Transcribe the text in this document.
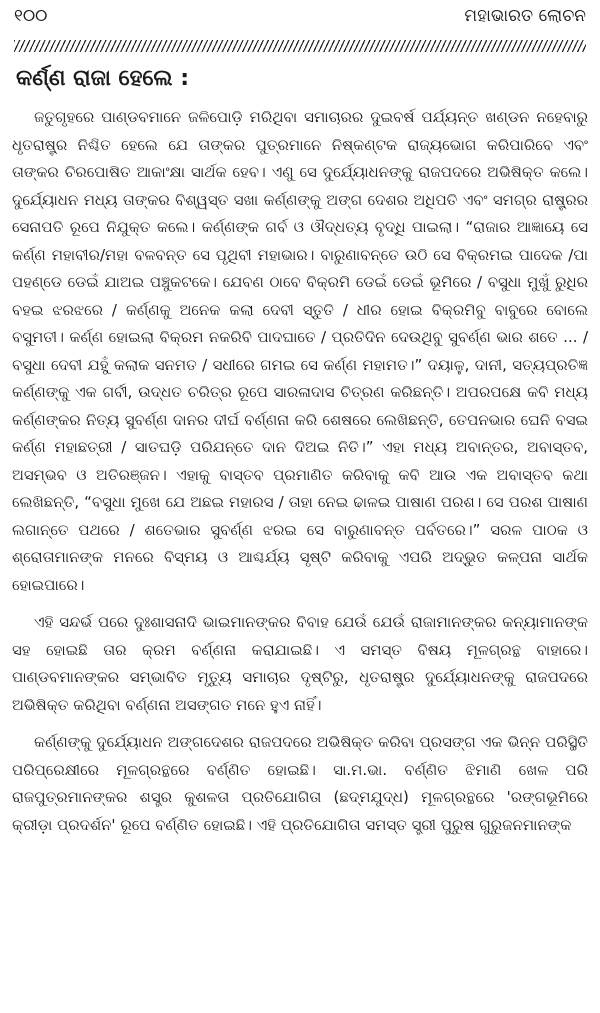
୧୦୦	ମହାଭାରତ ଲୋଚନ
କର୍ଣ୍ଣ ରାଜା ହେଲେ :

ଜତୁଗୃହରେ ପାଣ୍ଡବମାନେ ଜଳିପୋଡ଼ି ମରିଥିବା ସମାଚାରର ଦୁଇବର୍ଷ ପର୍ଯ୍ୟନ୍ତ ଖଣ୍ଡନ ନହେବାରୁ ଧୃତରାଷ୍ଟ୍ର ନିଶ୍ଚିତ ହେଲେ ଯେ ତାଙ୍କର ପୁତ୍ରମାନେ ନିଷ୍କଣ୍ଟକ ରାଜ୍ୟଭୋଗ କରିପାରିବେ ଏବଂ ତାଙ୍କର ଚିରପୋଷିତ ଆକାଂକ୍ଷା ସାର୍ଥକ ହେବ। ଏଣୁ ସେ ଦୁର୍ଯ୍ୟୋଧନଙ୍କୁ ରାଜପଦରେ ଅଭିଷିକ୍ତ କଲେ। ଦୁର୍ଯ୍ୟୋଧନ ମଧ୍ୟ ତାଙ୍କର ବିଶ୍ୱସ୍ତ ସଖା କର୍ଣ୍ଣଙ୍କୁ ଅଙ୍ଗ ଦେଶର ଅଧିପତି ଏବଂ ସମଗ୍ର ରାଷ୍ଟ୍ରର ସେନାପତି ରୂପେ ନିଯୁକ୍ତ କଲେ। କର୍ଣ୍ଣଙ୍କ ଗର୍ବ ଓ ଔଦ୍ଧତ୍ୟ ବୃଦ୍ଧି ପାଇଲା। “ରାଜାର ଆଜ୍ଞାୟେ ସେ କର୍ଣ୍ଣ ମହାବୀର/ମହା ବଳବନ୍ତ ସେ ପୃଥିବୀ ମହାଭାର। ବାରୁଣାବନ୍ତେ ଉଠି ସେ ବିକ୍ରମଇ ପାଦେକ /ପା ପହଣ୍ଡେ ଡେଇଁ ଯାଅଇ ପଞ୍ଚୁକଟକେ। ଯେବଣ ଠାବେ ବିକ୍ରମି ଡେଇଁ ଡେଇଁ ଭୂମିରେ / ବସୁଧା ମୁଖୁଁ ରୁଧିର ବହଇ ଝରଝରେ / କର୍ଣ୍ଣକୁ ଅନେକ କଲା ଦେବୀ ସ୍ତୁତି / ଧୀର ହୋଇ ବିକ୍ରମିବୁ ବାବୁରେ ବୋଲେ ବସୁମତୀ। କର୍ଣ୍ଣ ହୋଇଲା ବିକ୍ରମ ନକରିବି ପାଦଘାତେ / ପ୍ରତିଦିନ ଦେଉଥିବୁ ସୁବର୍ଣ୍ଣ ଭାର ଶତେ ... / ବସୁଧା ଦେବୀ ଯହୁଁ କଲାକ ସନମତ / ସଧୀରେ ଗମଇ ସେ କର୍ଣ୍ଣ ମହାମତ।” ଦୟାଳୁ, ଦାନୀ, ସତ୍ୟପ୍ରତିଜ୍ଞ କର୍ଣ୍ଣଙ୍କୁ ଏକ ଗର୍ବୀ, ଉଦ୍ଧତ ଚରିତ୍ର ରୂପେ ସାରଳାଦାସ ଚିତ୍ରଣ କରିଛନ୍ତି। ଅପରପକ୍ଷେ କବି ମଧ୍ୟ କର୍ଣ୍ଣଙ୍କର ନିତ୍ୟ ସୁବର୍ଣ୍ଣ ଦାନର ଦୀର୍ଘ ବର୍ଣ୍ଣନା କରି ଶେଷରେ ଲେଖିଛନ୍ତି, ତେପନଭାର ଘେନି ବସଇ କର୍ଣ୍ଣ ମହାଛତ୍ରୀ / ସାତଘଡ଼ି ପରିଯନ୍ତେ ଦାନ ଦିଅଇ ନିତି।” ଏହା ମଧ୍ୟ ଅବାନ୍ତର, ଅବାସ୍ତବ, ଅସମ୍ଭବ ଓ ଅତିରଞ୍ଜନ। ଏହାକୁ ବାସ୍ତବ ପ୍ରମାଣିତ କରିବାକୁ କବି ଆଉ ଏକ ଅବାସ୍ତବ କଥା ଲେଖିଛନ୍ତି, “ବସୁଧା ମୁଖେ ଯେ ଅଛଇ ମହାରସ / ତାହା ନେଇ ଢାଳଇ ପାଷାଣ ପରଶ। ସେ ପରଶ ପାଷାଣ ଲଗାନ୍ତେ ପଥରେ / ଶତେଭାର ସୁବର୍ଣ୍ଣ ଝରଇ ସେ ବାରୁଣାବନ୍ତ ପର୍ବତରେ।” ସରଳ ପାଠକ ଓ ଶ୍ରୋତାମାନଙ୍କ ମନରେ ବିସ୍ମୟ ଓ ଆଶ୍ଚର୍ଯ୍ୟ ସୃଷ୍ଟି କରିବାକୁ ଏପରି ଅଦ୍ଭୁତ କଳ୍ପନା ସାର୍ଥକ ହୋଇପାରେ।

ଏହି ସନ୍ଦର୍ଭ ପରେ ଦୁଃଶାସନାଦି ଭାଇମାନଙ୍କର ବିବାହ ଯେଉଁ ଯେଉଁ ରାଜାମାନଙ୍କର କନ୍ୟାମାନଙ୍କ ସହ ହୋଇଛି ତାର କ୍ରମ ବର୍ଣ୍ଣନା କରାଯାଇଛି। ଏ ସମସ୍ତ ବିଷୟ ମୂଳଗ୍ରନ୍ଥ ବାହାରେ। ପାଣ୍ଡବମାନଙ୍କର ସମ୍ଭାବିତ ମୃତ୍ୟୁ ସମାଚାର ଦୃଷ୍ଟିରୁ, ଧୃତରାଷ୍ଟ୍ର ଦୁର୍ଯ୍ୟୋଧନଙ୍କୁ ରାଜପଦରେ ଅଭିଷିକ୍ତ କରିଥିବା ବର୍ଣ୍ଣନା ଅସଙ୍ଗତ ମନେ ହୁଏ ନାହିଁ।

କର୍ଣ୍ଣଙ୍କୁ ଦୁର୍ଯ୍ୟୋଧନ ଅଙ୍ଗଦେଶର ରାଜପଦରେ ଅଭିଷିକ୍ତ କରିବା ପ୍ରସଙ୍ଗ ଏକ ଭିନ୍ନ ପରିସ୍ଥିତି ପରିପ୍ରେକ୍ଷୀରେ ମୂଳଗ୍ରନ୍ଥରେ ବର୍ଣ୍ଣିତ ହୋଇଛି। ସା.ମ.ଭା. ବର୍ଣ୍ଣିତ ଝିମାଣି ଖେଳ ପରି ରାଜପୁତ୍ରମାନଙ୍କର ଶସ୍ତ୍ର କୁଶଳତା ପ୍ରତିଯୋଗିତା (ଛଦ୍ମଯୁଦ୍ଧ) ମୂଳଗ୍ରନ୍ଥରେ 'ରଙ୍ଗଭୂମିରେ କ୍ରୀଡ଼ା ପ୍ରଦର୍ଶନ' ରୂପେ ବର୍ଣ୍ଣିତ ହୋଇଛି। ଏହି ପ୍ରତିଯୋଗିତା ସମସ୍ତ ସ୍ତ୍ରୀ ପୁରୁଷ ଗୁରୁଜନମାନଙ୍କ
